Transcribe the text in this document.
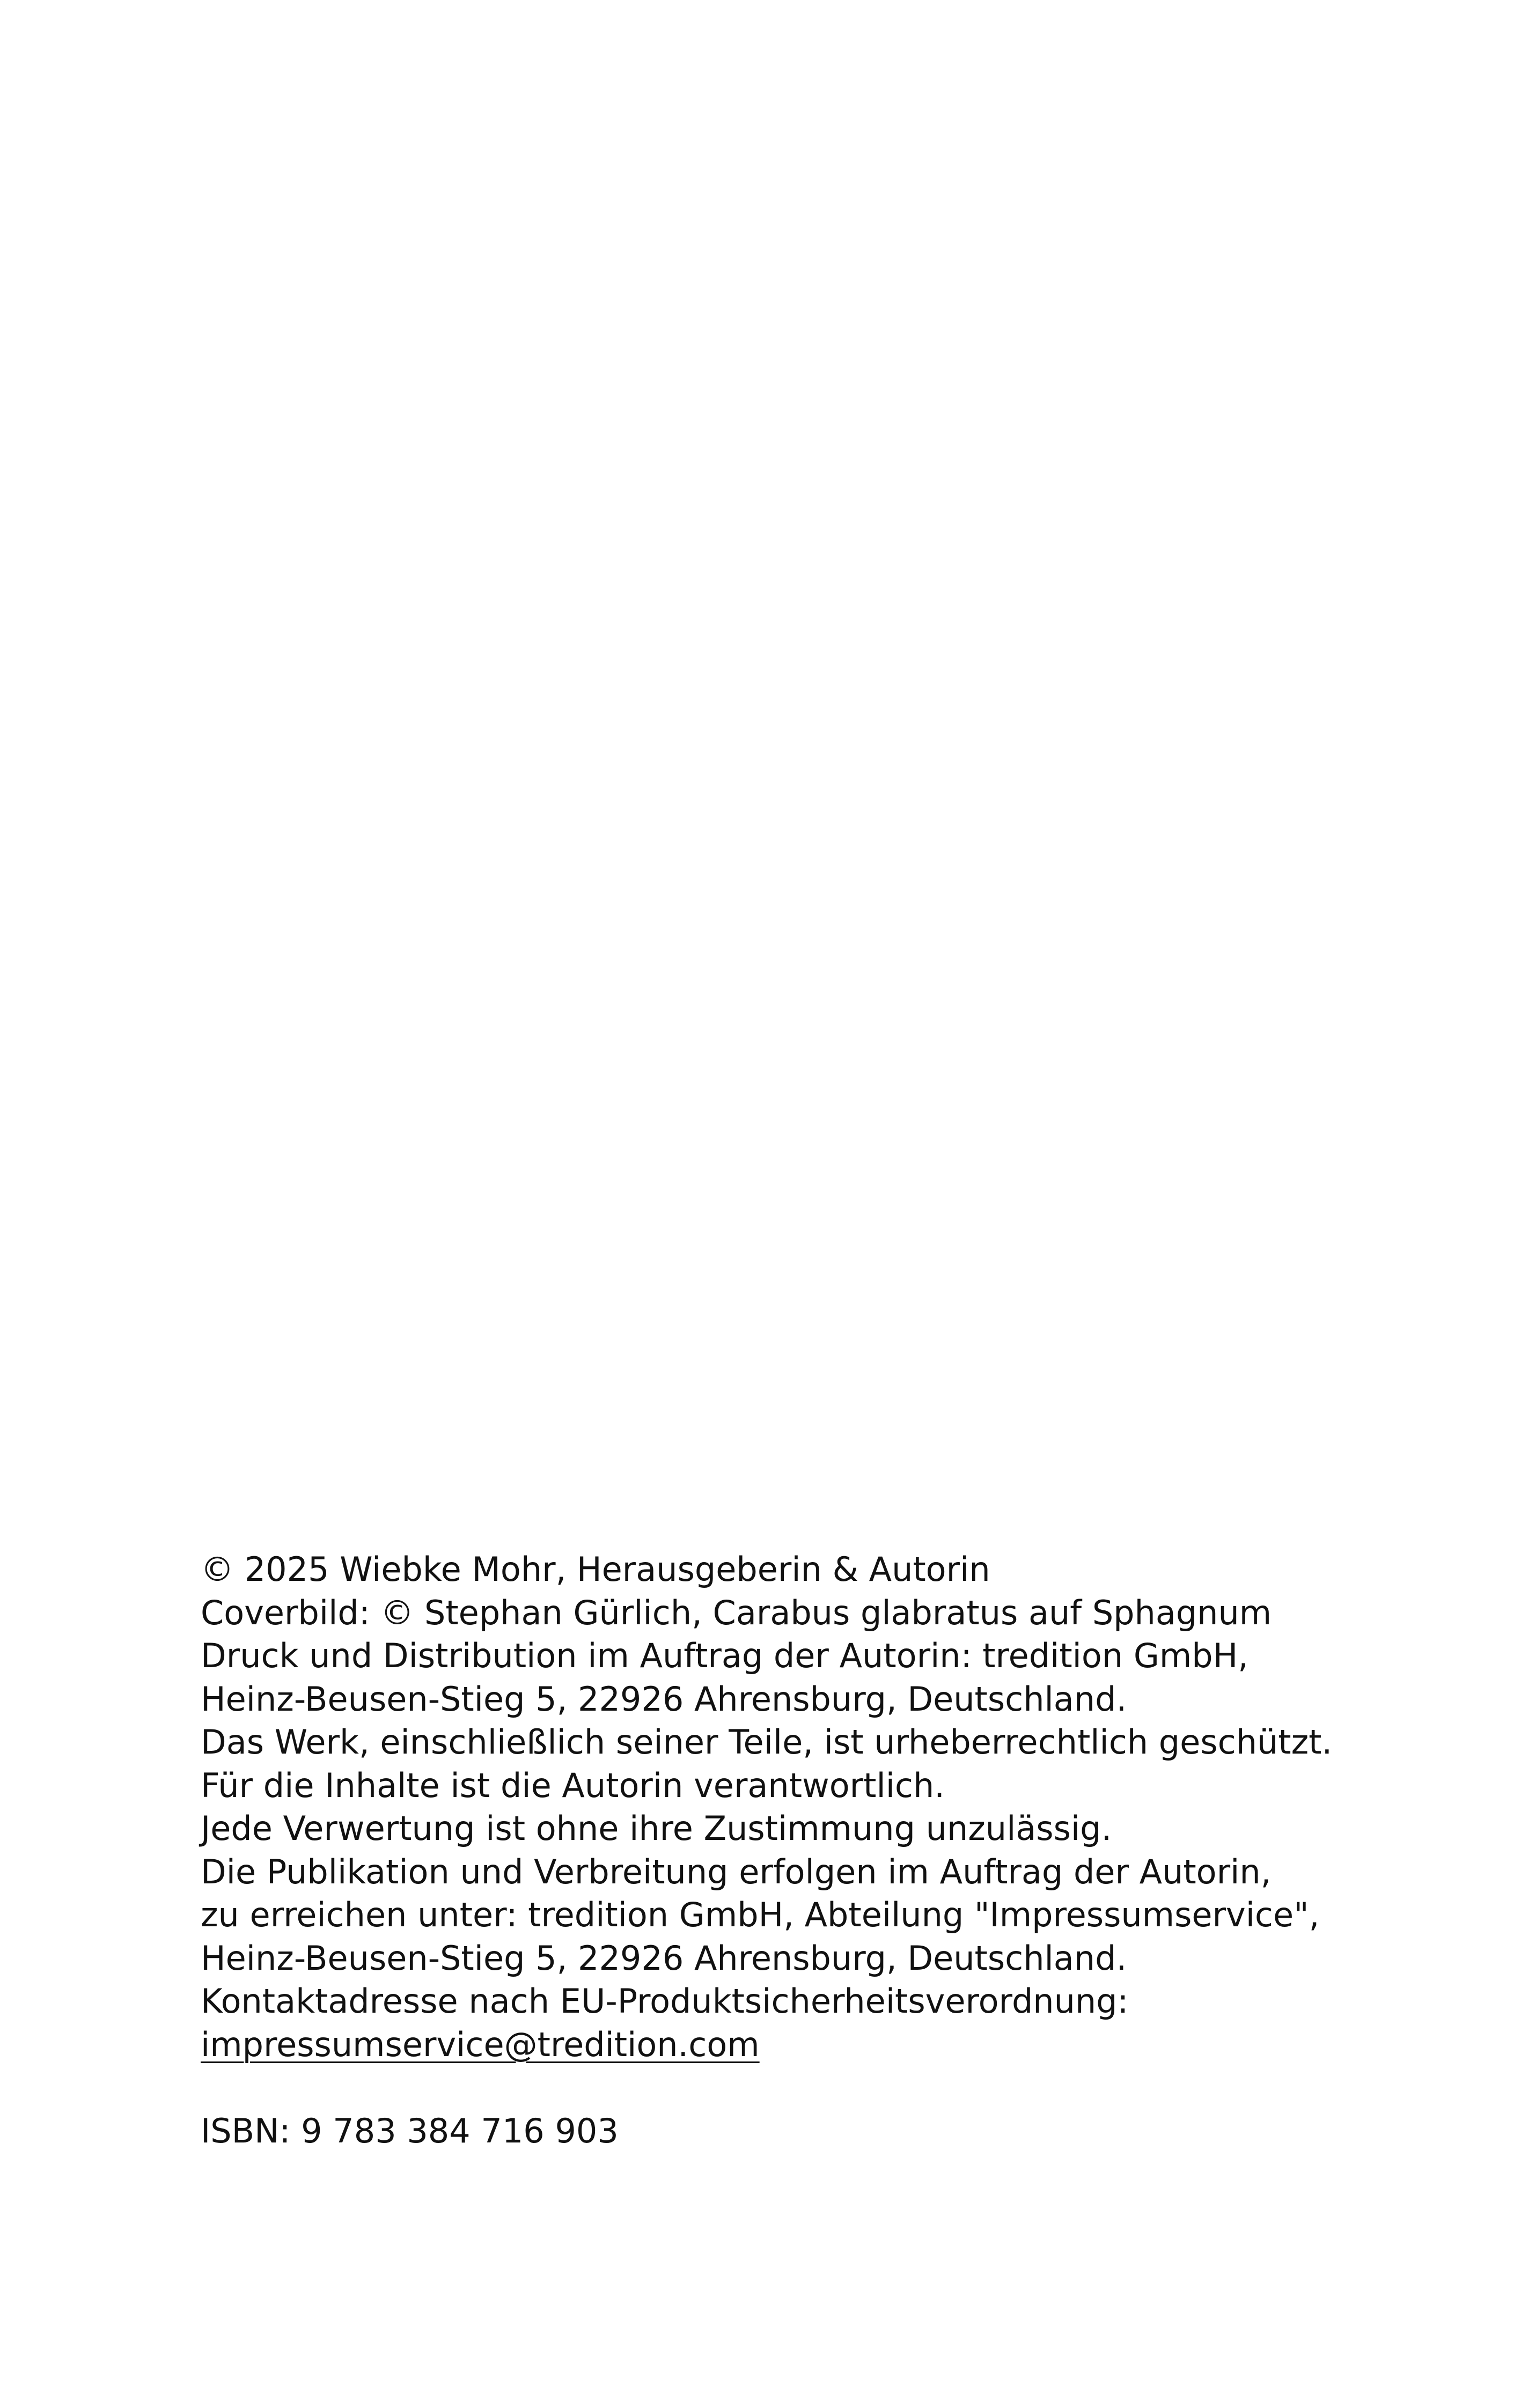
© 2025 Wiebke Mohr, Herausgeberin & Autorin
Coverbild: © Stephan Gürlich, Carabus glabratus auf Sphagnum
Druck und Distribution im Auftrag der Autorin: tredition GmbH,
Heinz-Beusen-Stieg 5, 22926 Ahrensburg, Deutschland.
Das Werk, einschließlich seiner Teile, ist urheberrechtlich geschützt.
Für die Inhalte ist die Autorin verantwortlich.
Jede Verwertung ist ohne ihre Zustimmung unzulässig.
Die Publikation und Verbreitung erfolgen im Auftrag der Autorin,
zu erreichen unter: tredition GmbH, Abteilung "Impressumservice",
Heinz-Beusen-Stieg 5, 22926 Ahrensburg, Deutschland.
Kontaktadresse nach EU-Produktsicherheitsverordnung:
impressumservice@tredition.com
ISBN: 9 783 384 716 903
